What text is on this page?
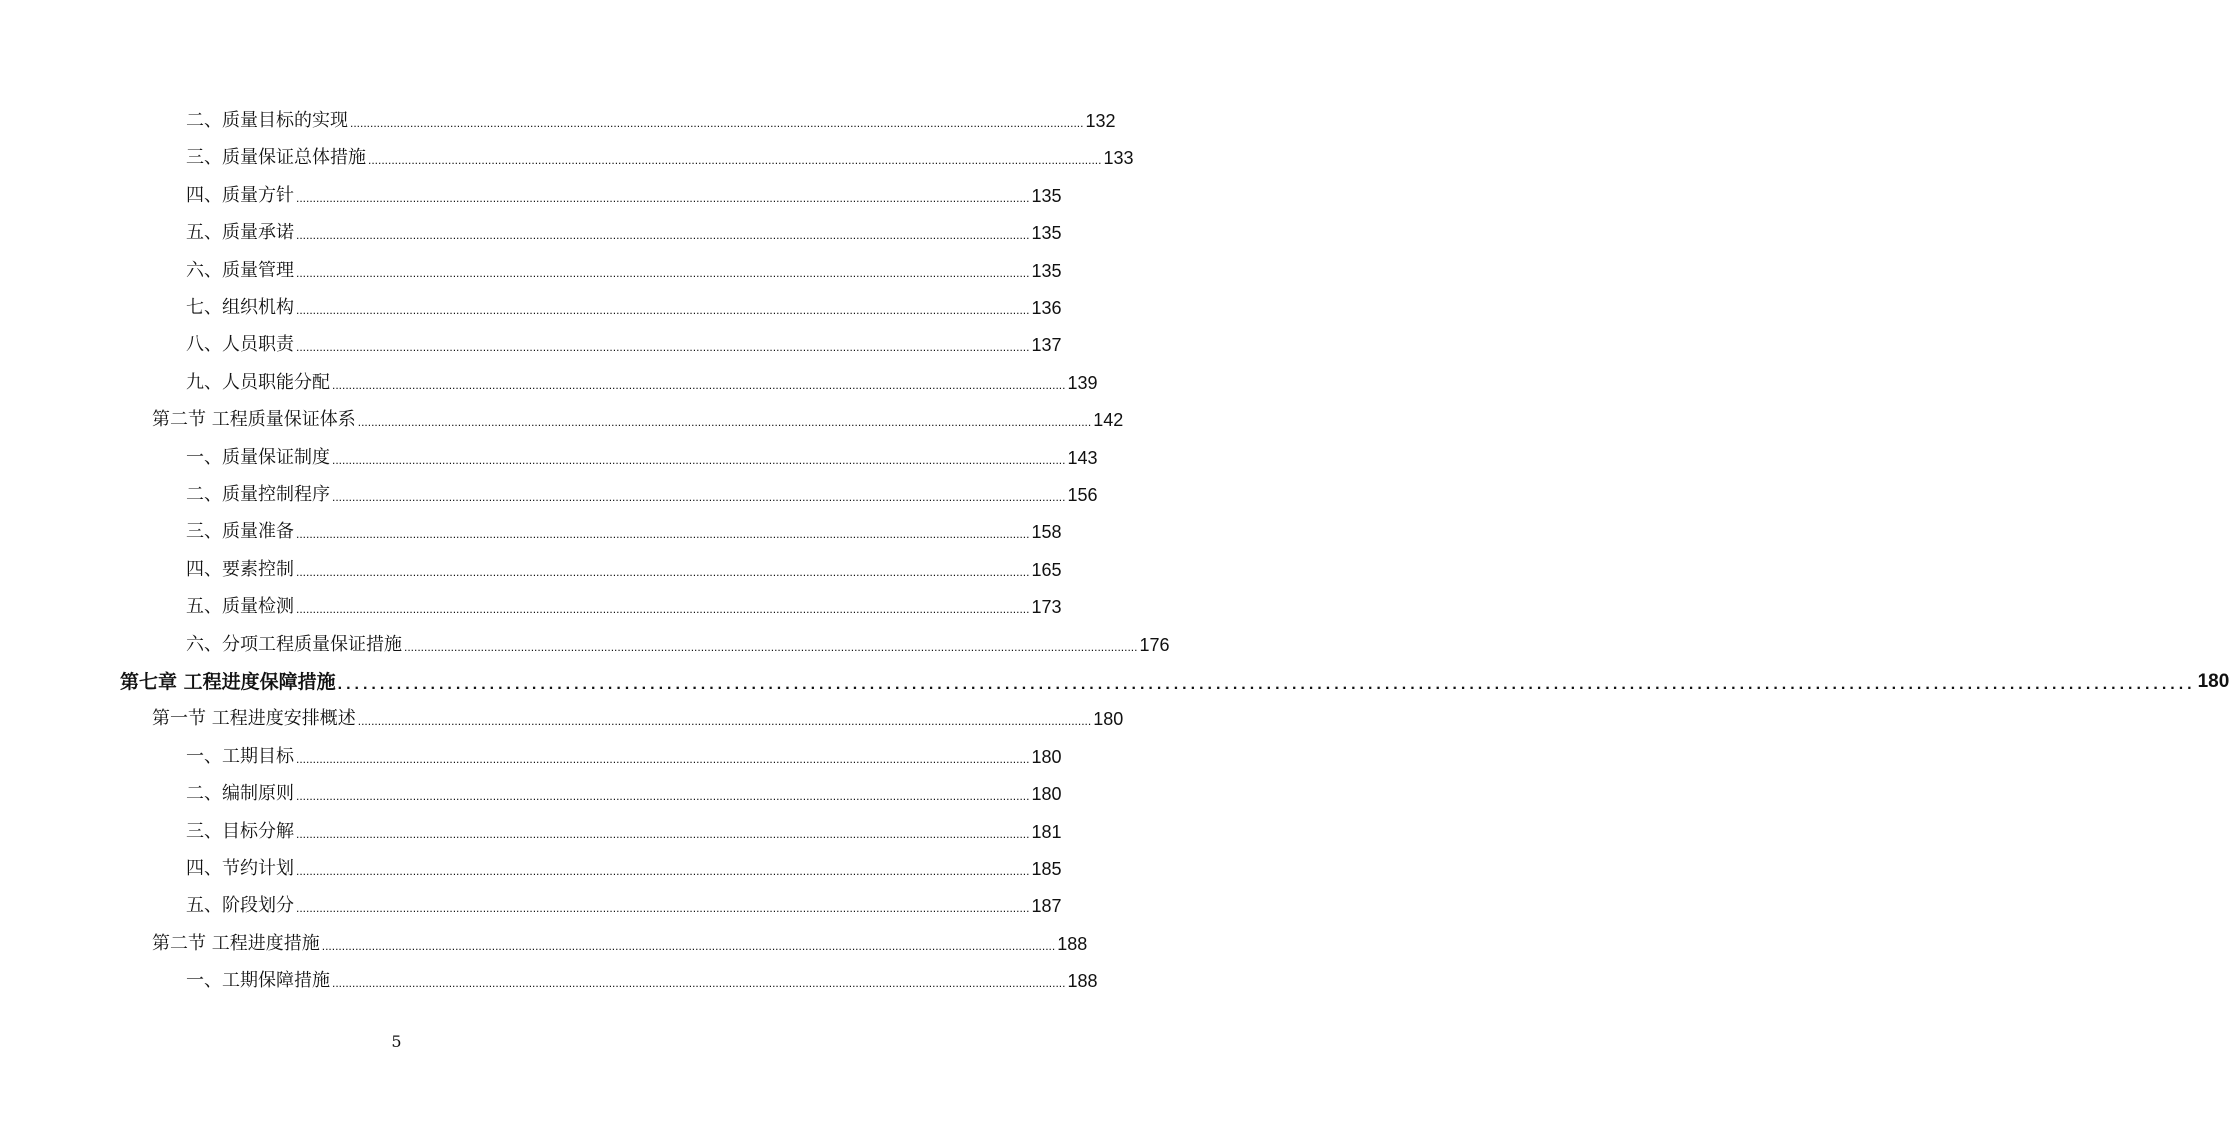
二、 质量目标的实现 ............................................................................................................................................................................................................................ 132
三、 质量保证总体措施 ............................................................................................................................................................................................................................ 133
四、 质量方针 ............................................................................................................................................................................................................................ 135
五、 质量承诺 ............................................................................................................................................................................................................................ 135
六、 质量管理 ............................................................................................................................................................................................................................ 135
七、 组织机构 ............................................................................................................................................................................................................................ 136
八、 人员职责 ............................................................................................................................................................................................................................ 137
九、 人员职能分配 ............................................................................................................................................................................................................................ 139
第二节 工程质量保证体系 ............................................................................................................................................................................................................................ 142
一、 质量保证制度 ............................................................................................................................................................................................................................ 143
二、 质量控制程序 ............................................................................................................................................................................................................................ 156
三、 质量准备 ............................................................................................................................................................................................................................ 158
四、 要素控制 ............................................................................................................................................................................................................................ 165
五、 质量检测 ............................................................................................................................................................................................................................ 173
六、 分项工程质量保证措施 ............................................................................................................................................................................................................................ 176
第七章 工程进度保障措施 ............................................................................................................................................................................................................................ 180
第一节 工程进度安排概述 ............................................................................................................................................................................................................................ 180
一、 工期目标 ............................................................................................................................................................................................................................ 180
二、 编制原则 ............................................................................................................................................................................................................................ 180
三、 目标分解 ............................................................................................................................................................................................................................ 181
四、 节约计划 ............................................................................................................................................................................................................................ 185
五、 阶段划分 ............................................................................................................................................................................................................................ 187
第二节 工程进度措施 ............................................................................................................................................................................................................................ 188
一、 工期保障措施 ............................................................................................................................................................................................................................ 188
5
